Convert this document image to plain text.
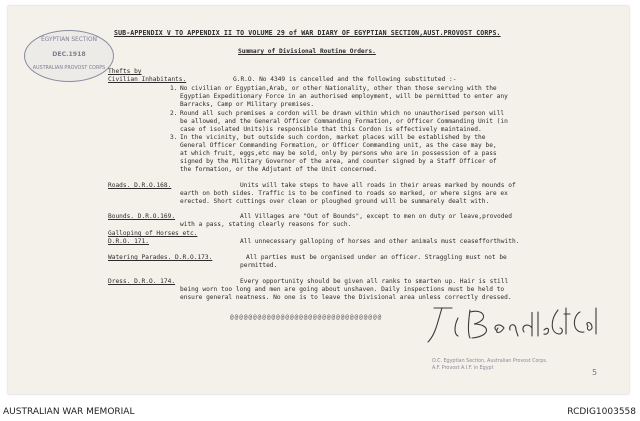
EGYPTIAN SECTION
DEC.1918
AUSTRALIAN PROVOST CORPS

SUB-APPENDIX V TO APPENDIX II TO VOLUME 29 of WAR DIARY OF EGYPTIAN SECTION,AUST.PROVOST CORPS.

Summary of Divisional Routine Orders.

Thefts by

Civilian Inhabitants.	G.R.O. No 4349 is cancelled and the following substituted :-

1. No civilian or Egyptian,Arab, or other Nationality, other than those serving with the

Egyptian Expeditionary Force in an authorised employment, will be permitted to enter any

Barracks, Camp or Military premises.

2. Round all such premises a cordon will be drawn within which no unauthorised person will

be allowed, and the General Officer Commanding Formation, or Officer Commanding Unit (in

case of isolated Units)is responsible that this Cordon is effectively maintained.

3. In the vicinity, but outside such cordon, market places will be established by the

General Officer Commanding Formation, or Officer Commanding unit, as the case may be,

at which fruit, eggs,etc may be sold, only by persons who are in possession of a pass

signed by the Military Governor of the area, and counter signed by a Staff Officer of

the formation, or the Adjutant of the Unit concerned.

Roads. D.R.O.168.	Units will take steps to have all roads in their areas marked by mounds of

earth on both sides. Traffic is to be confined to roads so marked, or where signs are ex

erected. Short cuttings over clean or ploughed ground will be summarely dealt with.

Bounds. D.R.O.169.	All Villages are "Out of Bounds", except to men on duty or leave,provoded

with a pass, stating clearly reasons for such.

Galloping of Horses etc.

D.R.O. 171.	All unnecessary galloping of horses and other animals must ceasefforthwith.

Watering Parades. D.R.O.173.	All parties must be organised under an officer. Straggling must not be

permitted.

Dress. D.R.O. 174.	Every opportunity should be given all ranks to smarten up. Hair is still

being worn too long and men are going about unshaven. Daily inspections must be held to

ensure general neatness. No one is to leave the Divisional area unless correctly dressed.

@@@@@@@@@@@@@@@@@@@@@@@@@@@@@@@@@

O.C. Egyptian Section, Australian Provost Corps.

A.F. Provost A.I.F. in Egypt	5
AUSTRALIAN WAR MEMORIAL	RCDIG1003558
